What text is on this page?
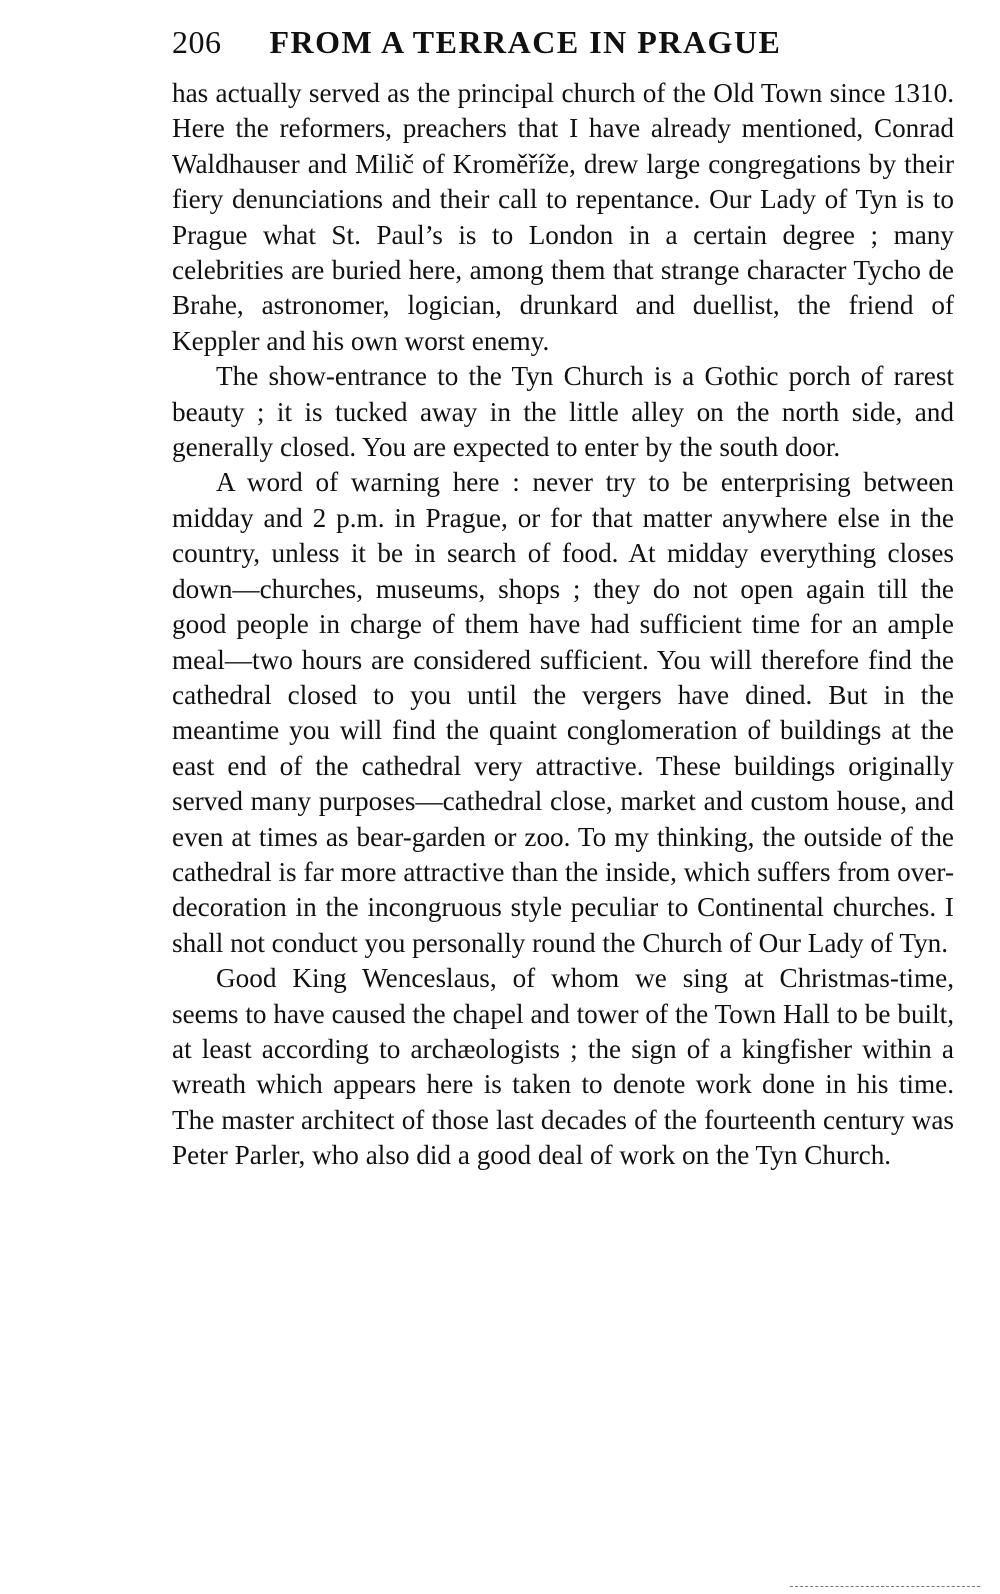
206 FROM A TERRACE IN PRAGUE

has actually served as the principal church of the Old Town since 1310. Here the reformers, preachers that I have already mentioned, Conrad Waldhauser and Milič of Kroměříže, drew large congregations by their fiery denunciations and their call to repentance. Our Lady of Tyn is to Prague what St. Paul’s is to London in a certain degree ; many celebrities are buried here, among them that strange character Tycho de Brahe, astronomer, logician, drunkard and duellist, the friend of Keppler and his own worst enemy.

The show-entrance to the Tyn Church is a Gothic porch of rarest beauty ; it is tucked away in the little alley on the north side, and generally closed. You are expected to enter by the south door.

A word of warning here : never try to be enterprising between midday and 2 p.m. in Prague, or for that matter anywhere else in the country, unless it be in search of food. At midday everything closes down—churches, museums, shops ; they do not open again till the good people in charge of them have had sufficient time for an ample meal—two hours are considered sufficient. You will therefore find the cathedral closed to you until the vergers have dined. But in the meantime you will find the quaint conglomeration of buildings at the east end of the cathedral very attractive. These buildings originally served many purposes—cathedral close, market and custom house, and even at times as bear-garden or zoo. To my thinking, the outside of the cathedral is far more attractive than the inside, which suffers from over-decoration in the incongruous style peculiar to Continental churches. I shall not conduct you personally round the Church of Our Lady of Tyn.

Good King Wenceslaus, of whom we sing at Christmas-time, seems to have caused the chapel and tower of the Town Hall to be built, at least according to archæologists ; the sign of a kingfisher within a wreath which appears here is taken to denote work done in his time. The master architect of those last decades of the fourteenth century was Peter Parler, who also did a good deal of work on the Tyn Church.
